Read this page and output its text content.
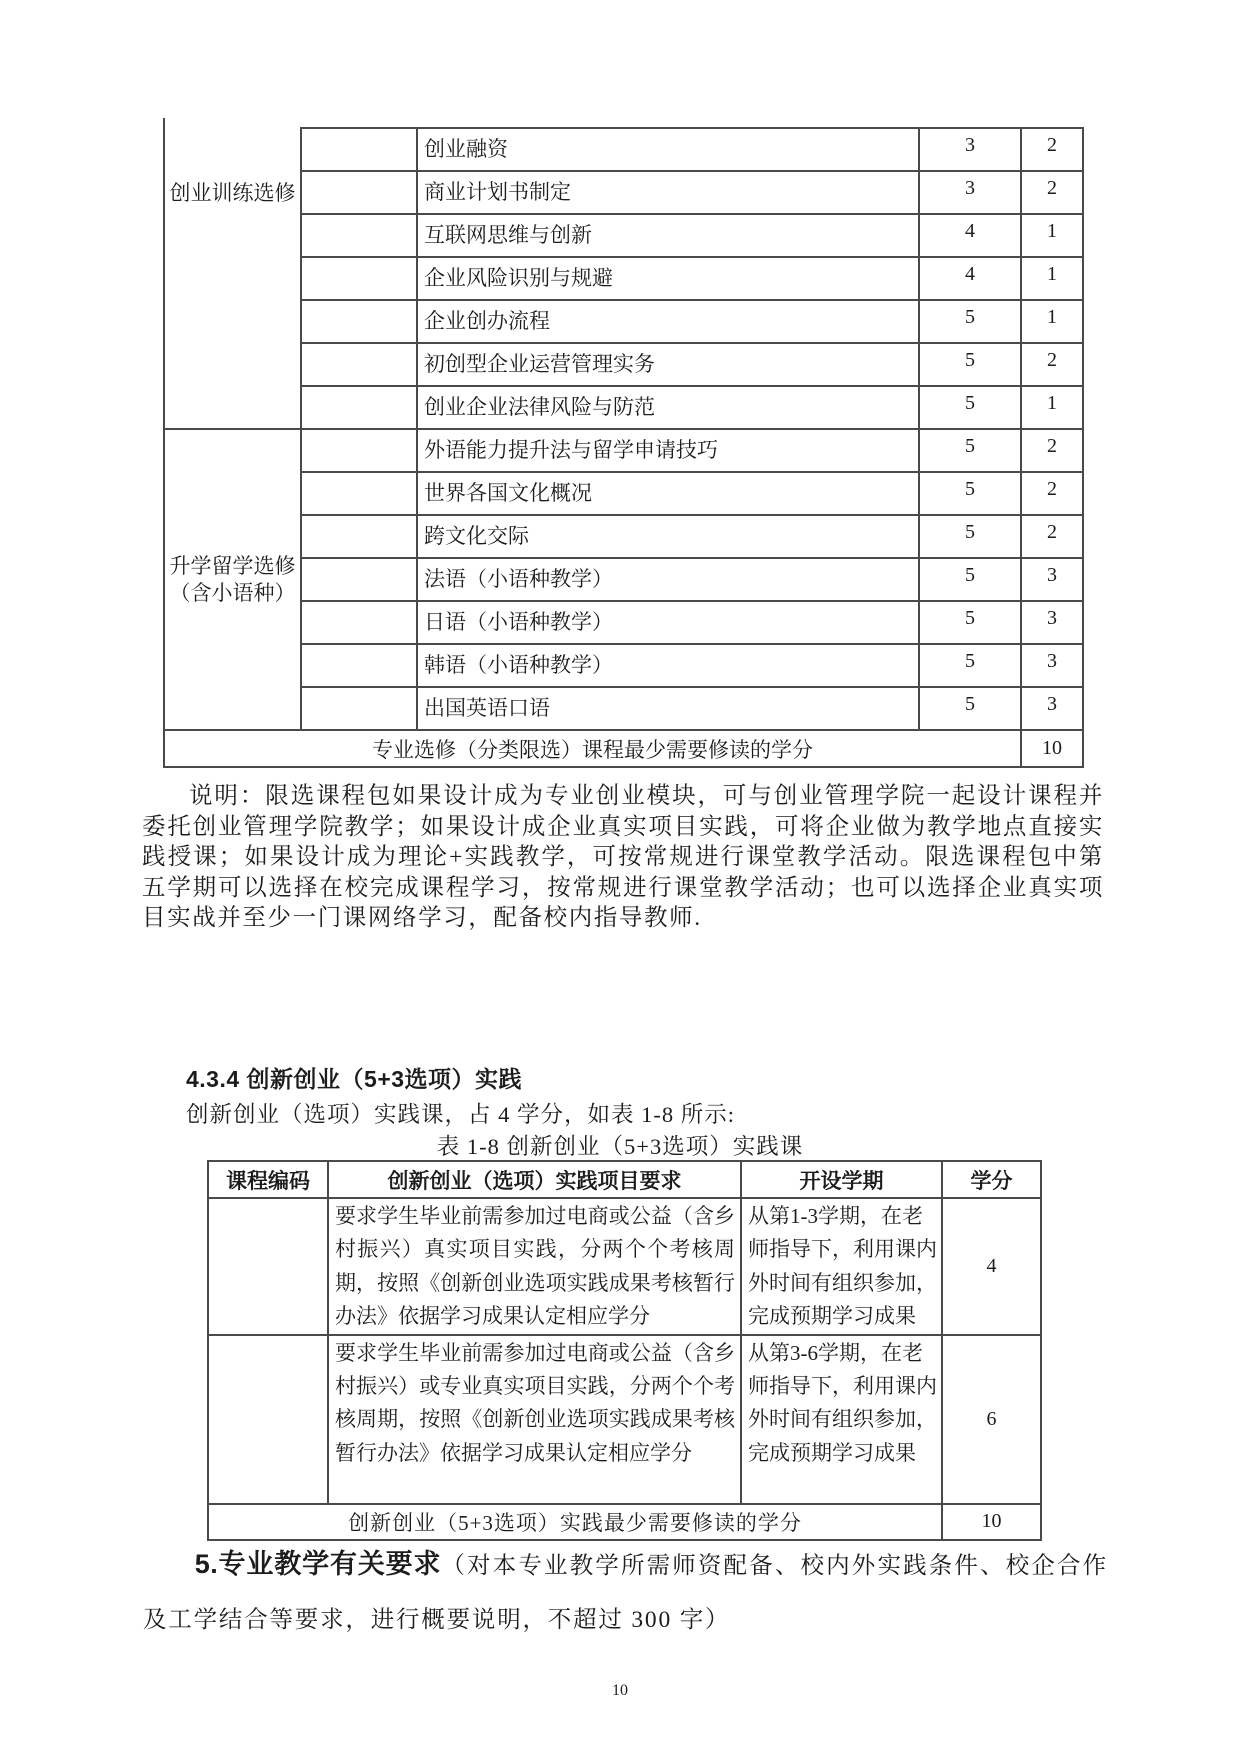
创业训练选修		创业融资	3	2
		商业计划书制定	3	2
		互联网思维与创新	4	1
		企业风险识别与规避	4	1
		企业创办流程	5	1
		初创型企业运营管理实务	5	2
		创业企业法律风险与防范	5	1
升学留学选修（含小语种）		外语能力提升法与留学申请技巧	5	2
		世界各国文化概况	5	2
		跨文化交际	5	2
		法语（小语种教学）	5	3
		日语（小语种教学）	5	3
		韩语（小语种教学）	5	3
		出国英语口语	5	3
专业选修（分类限选）课程最少需要修读的学分				10

说明：限选课程包如果设计成为专业创业模块，可与创业管理学院一起设计课程并委托创业管理学院教学；如果设计成企业真实项目实践，可将企业做为教学地点直接实践授课；如果设计成为理论+实践教学，可按常规进行课堂教学活动。限选课程包中第五学期可以选择在校完成课程学习，按常规进行课堂教学活动；也可以选择企业真实项目实战并至少一门课网络学习，配备校内指导教师.

4.3.4 创新创业（5+3选项）实践

创新创业（选项）实践课，占 4 学分，如表 1-8 所示:

表 1-8 创新创业（5+3选项）实践课

课程编码	创新创业（选项）实践项目要求	开设学期	学分
	要求学生毕业前需参加过电商或公益（含乡村振兴）真实项目实践，分两个个考核周期，按照《创新创业选项实践成果考核暂行办法》依据学习成果认定相应学分	从第1-3学期，在老师指导下，利用课内外时间有组织参加，完成预期学习成果	4
	要求学生毕业前需参加过电商或公益（含乡村振兴）或专业真实项目实践，分两个个考核周期，按照《创新创业选项实践成果考核暂行办法》依据学习成果认定相应学分	从第3-6学期，在老师指导下，利用课内外时间有组织参加，完成预期学习成果	6
创新创业（5+3选项）实践最少需要修读的学分			10

5.专业教学有关要求（对本专业教学所需师资配备、校内外实践条件、校企合作及工学结合等要求，进行概要说明，不超过 300 字）

10
